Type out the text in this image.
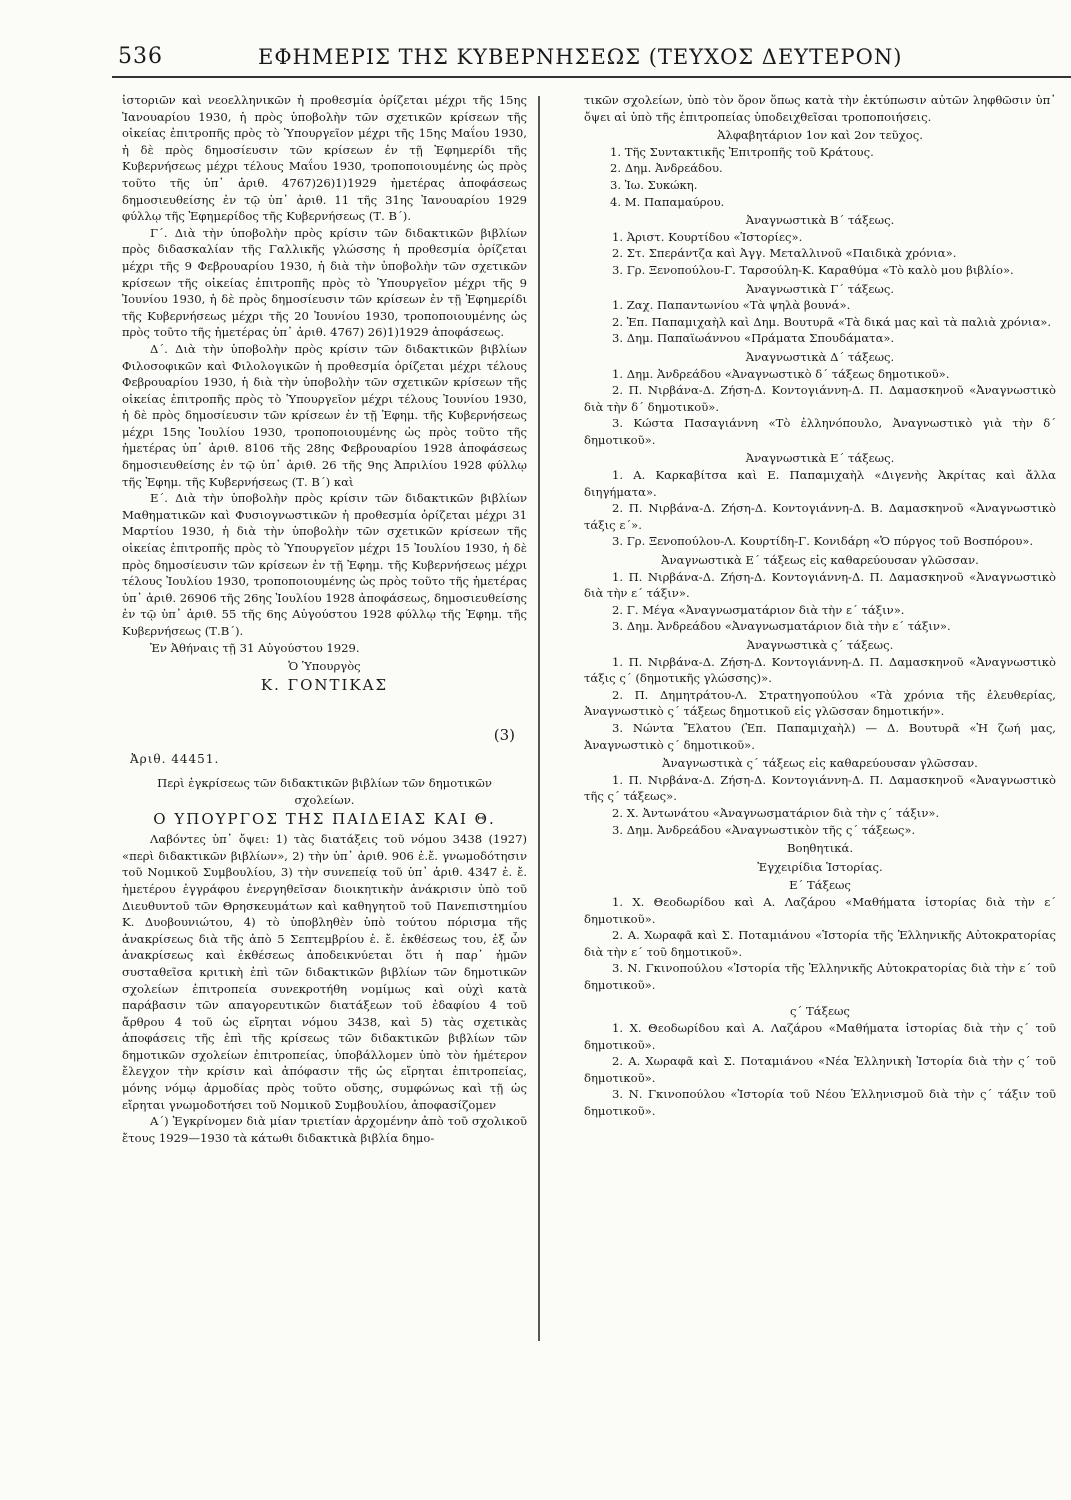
536	ΕΦΗΜΕΡΙΣ ΤΗΣ ΚΥΒΕΡΝΗΣΕΩΣ (ΤΕΥΧΟΣ ΔΕΥΤΕΡΟΝ)

ἱστοριῶν καὶ νεοελληνικῶν ἡ προθεσμία ὁρίζεται μέχρι τῆς 15ης Ἰανουαρίου 1930, ἡ πρὸς ὑποβολὴν τῶν σχετικῶν κρίσεων τῆς οἰκείας ἐπιτροπῆς πρὸς τὸ Ὑπουργεῖον μέχρι τῆς 15ης Μαΐου 1930, ἡ δὲ πρὸς δημοσίευσιν τῶν κρίσεων ἐν τῇ Ἐφημερίδι τῆς Κυβερνήσεως μέχρι τέλους Μαΐου 1930, τροποποιουμένης ὡς πρὸς τοῦτο τῆς ὑπ᾽ ἀριθ. 4767)26)1)1929 ἡμετέρας ἀποφάσεως δημοσιευθείσης ἐν τῷ ὑπ᾽ ἀριθ. 11 τῆς 31ης Ἰανουαρίου 1929 φύλλῳ τῆς Ἐφημερίδος τῆς Κυβερνήσεως (Τ. Β΄).

Γ΄. Διὰ τὴν ὑποβολὴν πρὸς κρίσιν τῶν διδακτικῶν βιβλίων πρὸς διδασκαλίαν τῆς Γαλλικῆς γλώσσης ἡ προθεσμία ὁρίζεται μέχρι τῆς 9 Φεβρουαρίου 1930, ἡ διὰ τὴν ὑποβολὴν τῶν σχετικῶν κρίσεων τῆς οἰκείας ἐπιτροπῆς πρὸς τὸ Ὑπουργεῖον μέχρι τῆς 9 Ἰουνίου 1930, ἡ δὲ πρὸς δημοσίευσιν τῶν κρίσεων ἐν τῇ Ἐφημερίδι τῆς Κυβερνήσεως μέχρι τῆς 20 Ἰουνίου 1930, τροποποιουμένης ὡς πρὸς τοῦτο τῆς ἡμετέρας ὑπ᾽ ἀριθ. 4767) 26)1)1929 ἀποφάσεως.

Δ΄. Διὰ τὴν ὑποβολὴν πρὸς κρίσιν τῶν διδακτικῶν βιβλίων Φιλοσοφικῶν καὶ Φιλολογικῶν ἡ προθεσμία ὁρίζεται μέχρι τέλους Φεβρουαρίου 1930, ἡ διὰ τὴν ὑποβολὴν τῶν σχετικῶν κρίσεων τῆς οἰκείας ἐπιτροπῆς πρὸς τὸ Ὑπουργεῖον μέχρι τέλους Ἰουνίου 1930, ἡ δὲ πρὸς δημοσίευσιν τῶν κρίσεων ἐν τῇ Ἐφημ. τῆς Κυβερνήσεως μέχρι 15ης Ἰουλίου 1930, τροποποιουμένης ὡς πρὸς τοῦτο τῆς ἡμετέρας ὑπ᾽ ἀριθ. 8106 τῆς 28ης Φεβρουαρίου 1928 ἀποφάσεως δημοσιευθείσης ἐν τῷ ὑπ᾽ ἀριθ. 26 τῆς 9ης Ἀπριλίου 1928 φύλλῳ τῆς Ἐφημ. τῆς Κυβερνήσεως (Τ. Β΄) καὶ

Ε΄. Διὰ τὴν ὑποβολὴν πρὸς κρίσιν τῶν διδακτικῶν βιβλίων Μαθηματικῶν καὶ Φυσιογνωστικῶν ἡ προθεσμία ὁρίζεται μέχρι 31 Μαρτίου 1930, ἡ διὰ τὴν ὑποβολὴν τῶν σχετικῶν κρίσεων τῆς οἰκείας ἐπιτροπῆς πρὸς τὸ Ὑπουργεῖον μέχρι 15 Ἰουλίου 1930, ἡ δὲ πρὸς δημοσίευσιν τῶν κρίσεων ἐν τῇ Ἐφημ. τῆς Κυβερνήσεως μέχρι τέλους Ἰουλίου 1930, τροποποιουμένης ὡς πρὸς τοῦτο τῆς ἡμετέρας ὑπ᾽ ἀριθ. 26906 τῆς 26ης Ἰουλίου 1928 ἀποφάσεως, δημοσιευθείσης ἐν τῷ ὑπ᾽ ἀριθ. 55 τῆς 6ης Αὐγούστου 1928 φύλλῳ τῆς Ἐφημ. τῆς Κυβερνήσεως (Τ.Β΄).

Ἐν Ἀθήναις τῇ 31 Αὐγούστου 1929.
Ὁ Ὑπουργὸς
Κ. ΓΟΝΤΙΚΑΣ
Ἀριθ. 44451.
(3)
Περὶ ἐγκρίσεως τῶν διδακτικῶν βιβλίων τῶν δημοτικῶν σχολείων.
Ο ΥΠΟΥΡΓΟΣ ΤΗΣ ΠΑΙΔΕΙΑΣ ΚΑΙ Θ.

Λαβόντες ὑπ᾽ ὄψει: 1) τὰς διατάξεις τοῦ νόμου 3438 (1927) «περὶ διδακτικῶν βιβλίων», 2) τὴν ὑπ᾽ ἀριθ. 906 ἐ.ἔ. γνωμοδότησιν τοῦ Νομικοῦ Συμβουλίου, 3) τὴν συνεπείᾳ τοῦ ὑπ᾽ ἀριθ. 4347 ἐ. ἔ. ἡμετέρου ἐγγράφου ἐνεργηθεῖσαν διοικητικὴν ἀνάκρισιν ὑπὸ τοῦ Διευθυντοῦ τῶν Θρησκευμάτων καὶ καθηγητοῦ τοῦ Πανεπιστημίου Κ. Δυοβουνιώτου, 4) τὸ ὑποβληθὲν ὑπὸ τούτου πόρισμα τῆς ἀνακρίσεως διὰ τῆς ἀπὸ 5 Σεπτεμβρίου ἐ. ἔ. ἐκθέσεως του, ἐξ ὧν ἀνακρίσεως καὶ ἐκθέσεως ἀποδεικνύεται ὅτι ἡ παρ᾽ ἡμῶν συσταθεῖσα κριτικὴ ἐπὶ τῶν διδακτικῶν βιβλίων τῶν δημοτικῶν σχολείων ἐπιτροπεία συνεκροτήθη νομίμως καὶ οὐχὶ κατὰ παράβασιν τῶν απαγορευτικῶν διατάξεων τοῦ ἐδαφίου 4 τοῦ ἄρθρου 4 τοῦ ὡς εἴρηται νόμου 3438, καὶ 5) τὰς σχετικὰς ἀποφάσεις τῆς ἐπὶ τῆς κρίσεως τῶν διδακτικῶν βιβλίων τῶν δημοτικῶν σχολείων ἐπιτροπείας, ὑποβάλλομεν ὑπὸ τὸν ἡμέτερον ἔλεγχον τὴν κρίσιν καὶ ἀπόφασιν τῆς ὡς εἴρηται ἐπιτροπείας, μόνης νόμῳ ἁρμοδίας πρὸς τοῦτο οὔσης, συμφώνως καὶ τῇ ὡς εἴρηται γνωμοδοτήσει τοῦ Νομικοῦ Συμβουλίου, ἀποφασίζομεν

Α΄) Ἐγκρίνομεν διὰ μίαν τριετίαν ἀρχομένην ἀπὸ τοῦ σχολικοῦ ἔτους 1929—1930 τὰ κάτωθι διδακτικὰ βιβλία δημο-

τικῶν σχολείων, ὑπὸ τὸν ὅρον ὅπως κατὰ τὴν ἐκτύπωσιν αὐτῶν ληφθῶσιν ὑπ᾽ ὄψει αἱ ὑπὸ τῆς ἐπιτροπείας ὑποδειχθεῖσαι τροποποιήσεις.

Ἀλφαβητάριον 1ον καὶ 2ον τεῦχος.
1. Τῆς Συντακτικῆς Ἐπιτροπῆς τοῦ Κράτους.
2. Δημ. Ἀνδρεάδου.
3. Ἰω. Συκώκη.
4. Μ. Παπαμαύρου.
Ἀναγνωστικὰ Β΄ τάξεως.

1. Ἀριστ. Κουρτίδου «Ἱστορίες».

2. Στ. Σπεράντζα καὶ Ἀγγ. Μεταλλινοῦ «Παιδικὰ χρόνια».

3. Γρ. Ξενοπούλου-Γ. Ταρσούλη-Κ. Καραθύμα «Τὸ καλὸ μου βιβλίο».

Ἀναγνωστικὰ Γ΄ τάξεως.

1. Ζαχ. Παπαντωνίου «Τὰ ψηλὰ βουνά».

2. Ἐπ. Παπαμιχαὴλ καὶ Δημ. Βουτυρᾶ «Τὰ δικά μας καὶ τὰ παλιὰ χρόνια».

3. Δημ. Παπαϊωάννου «Πράματα Σπουδάματα».

Ἀναγνωστικὰ Δ΄ τάξεως.

1. Δημ. Ἀνδρεάδου «Ἀναγνωστικὸ δ΄ τάξεως δημοτικοῦ».

2. Π. Νιρβάνα-Δ. Ζήση-Δ. Κοντογιάννη-Δ. Π. Δαμασκηνοῦ «Ἀναγνωστικὸ διὰ τὴν δ΄ δημοτικοῦ».

3. Κώστα Πασαγιάννη «Τὸ ἐλληνόπουλο, Ἀναγνωστικὸ γιὰ τὴν δ΄ δημοτικοῦ».

Ἀναγνωστικὰ Ε΄ τάξεως.

1. Α. Καρκαβίτσα καὶ Ε. Παπαμιχαὴλ «Διγενὴς Ἀκρίτας καὶ ἄλλα διηγήματα».

2. Π. Νιρβάνα-Δ. Ζήση-Δ. Κοντογιάννη-Δ. Β. Δαμασκηνοῦ «Ἀναγνωστικὸ τάξις ε΄».

3. Γρ. Ξενοπούλου-Λ. Κουρτίδη-Γ. Κονιδάρη «Ὁ πύργος τοῦ Βοσπόρου».

Ἀναγνωστικὰ Ε΄ τάξεως εἰς καθαρεύουσαν γλῶσσαν.

1. Π. Νιρβάνα-Δ. Ζήση-Δ. Κοντογιάννη-Δ. Π. Δαμασκηνοῦ «Ἀναγνωστικὸ διὰ τὴν ε΄ τάξιν».

2. Γ. Μέγα «Ἀναγνωσματάριον διὰ τὴν ε΄ τάξιν».

3. Δημ. Ἀνδρεάδου «Ἀναγνωσματάριον διὰ τὴν ε΄ τάξιν».

Ἀναγνωστικὰ ς΄ τάξεως.

1. Π. Νιρβάνα-Δ. Ζήση-Δ. Κοντογιάννη-Δ. Π. Δαμασκηνοῦ «Ἀναγνωστικὸ τάξις ς΄ (δημοτικῆς γλώσσης)».

2. Π. Δημητράτου-Λ. Στρατηγοπούλου «Τὰ χρόνια τῆς ἐλευθερίας, Ἀναγνωστικὸ ς΄ τάξεως δημοτικοῦ εἰς γλῶσσαν δημοτικήν».

3. Νώντα Ἔλατου (Ἐπ. Παπαμιχαὴλ) — Δ. Βουτυρᾶ «Ἡ ζωή μας, Ἀναγνωστικὸ ς΄ δημοτικοῦ».

Ἀναγνωστικὰ ς΄ τάξεως εἰς καθαρεύουσαν γλῶσσαν.

1. Π. Νιρβάνα-Δ. Ζήση-Δ. Κοντογιάννη-Δ. Π. Δαμασκηνοῦ «Ἀναγνωστικὸ τῆς ς΄ τάξεως».

2. Χ. Ἀντωνάτου «Ἀναγνωσματάριον διὰ τὴν ς΄ τάξιν».

3. Δημ. Ἀνδρεάδου «Ἀναγνωστικὸν τῆς ς΄ τάξεως».

Βοηθητικά.
Ἐγχειρίδια Ἱστορίας.
Ε΄ Τάξεως

1. Χ. Θεοδωρίδου καὶ Α. Λαζάρου «Μαθήματα ἱστορίας διὰ τὴν ε΄ δημοτικοῦ».

2. Α. Χωραφᾶ καὶ Σ. Ποταμιάνου «Ἱστορία τῆς Ἑλληνικῆς Αὐτοκρατορίας διὰ τὴν ε΄ τοῦ δημοτικοῦ».

3. Ν. Γκινοπούλου «Ἱστορία τῆς Ἑλληνικῆς Αὐτοκρατορίας διὰ τὴν ε΄ τοῦ δημοτικοῦ».

ς΄ Τάξεως

1. Χ. Θεοδωρίδου καὶ Α. Λαζάρου «Μαθήματα ἱστορίας διὰ τὴν ς΄ τοῦ δημοτικοῦ».

2. Α. Χωραφᾶ καὶ Σ. Ποταμιάνου «Νέα Ἑλληνικὴ Ἱστορία διὰ τὴν ς΄ τοῦ δημοτικοῦ».

3. Ν. Γκινοπούλου «Ἱστορία τοῦ Νέου Ἑλληνισμοῦ διὰ τὴν ς΄ τάξιν τοῦ δημοτικοῦ».
